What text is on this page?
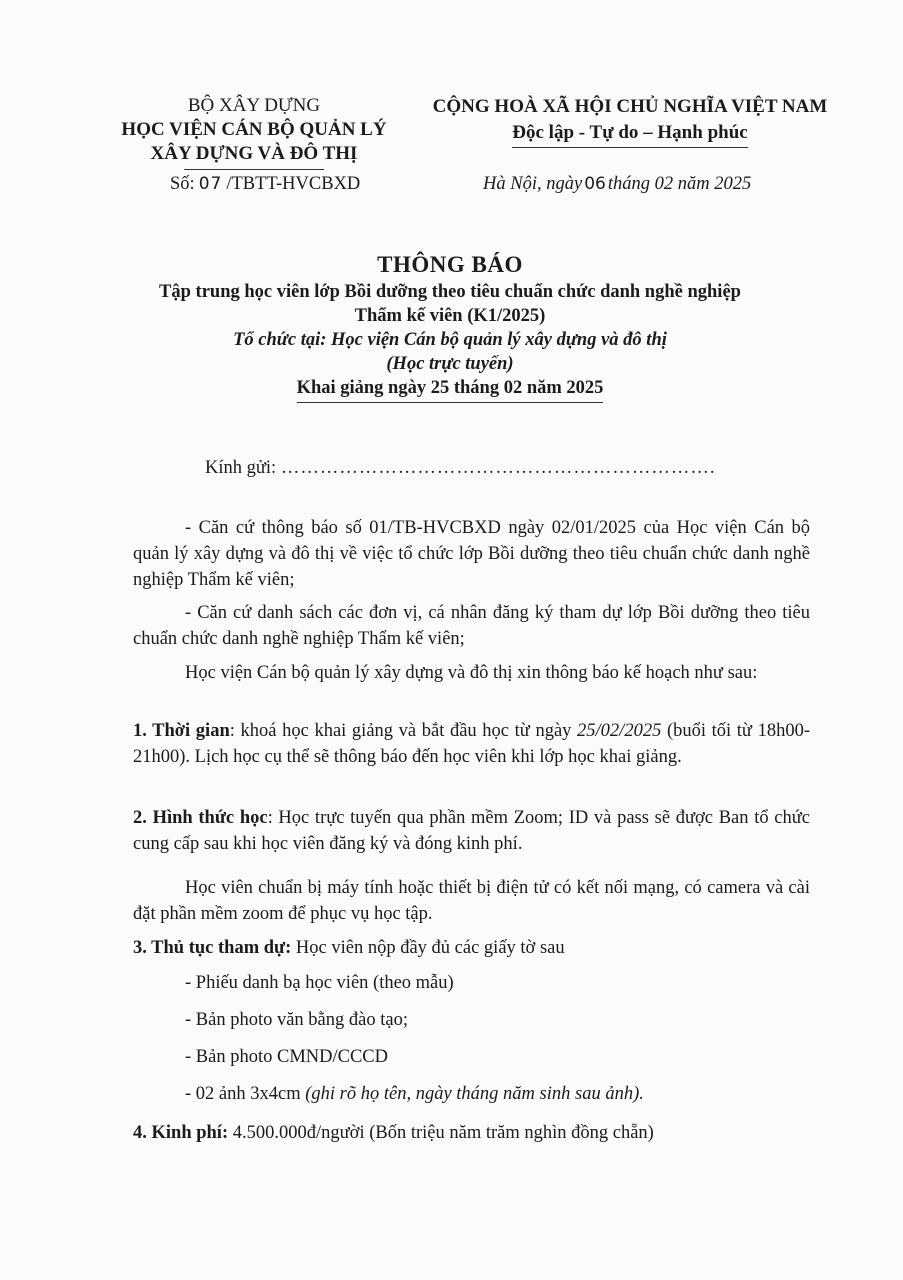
BỘ XÂY DỰNG
HỌC VIỆN CÁN BỘ QUẢN LÝ
XÂY DỰNG VÀ ĐÔ THỊ
Số: 07 /TBTT-HVCBXD
CỘNG HOÀ XÃ HỘI CHỦ NGHĨA VIỆT NAM
Độc lập - Tự do – Hạnh phúc
Hà Nội, ngày 06 tháng 02 năm 2025
THÔNG BÁO
Tập trung học viên lớp Bồi dưỡng theo tiêu chuẩn chức danh nghề nghiệp
Thẩm kế viên (K1/2025)
Tổ chức tại: Học viện Cán bộ quản lý xây dựng và đô thị
(Học trực tuyến)
Khai giảng ngày 25 tháng 02 năm 2025
Kính gửi: ………………………………………………………….
- Căn cứ thông báo số 01/TB-HVCBXD ngày 02/01/2025 của Học viện Cán bộ quản lý xây dựng và đô thị về việc tổ chức lớp Bồi dưỡng theo tiêu chuẩn chức danh nghề nghiệp Thẩm kế viên;
- Căn cứ danh sách các đơn vị, cá nhân đăng ký tham dự lớp Bồi dưỡng theo tiêu chuẩn chức danh nghề nghiệp Thẩm kế viên;
Học viện Cán bộ quản lý xây dựng và đô thị xin thông báo kế hoạch như sau:
1. Thời gian: khoá học khai giảng và bắt đầu học từ ngày 25/02/2025 (buổi tối từ 18h00-21h00). Lịch học cụ thể sẽ thông báo đến học viên khi lớp học khai giảng.
2. Hình thức học: Học trực tuyến qua phần mềm Zoom; ID và pass sẽ được Ban tổ chức cung cấp sau khi học viên đăng ký và đóng kinh phí.
Học viên chuẩn bị máy tính hoặc thiết bị điện tử có kết nối mạng, có camera và cài đặt phần mềm zoom để phục vụ học tập.
3. Thủ tục tham dự: Học viên nộp đầy đủ các giấy tờ sau
- Phiếu danh bạ học viên (theo mẫu)
- Bản photo văn bằng đào tạo;
- Bản photo CMND/CCCD
- 02 ảnh 3x4cm (ghi rõ họ tên, ngày tháng năm sinh sau ảnh).
4. Kinh phí: 4.500.000đ/người (Bốn triệu năm trăm nghìn đồng chẵn)
